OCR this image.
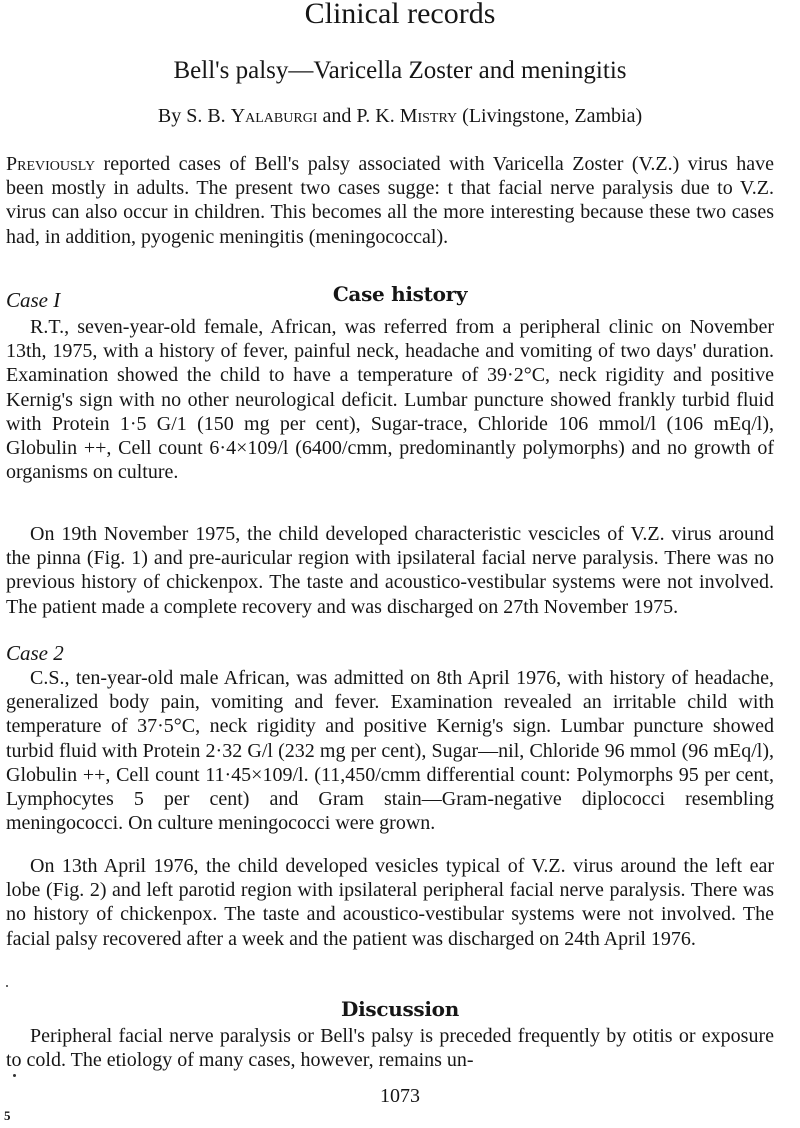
Clinical records
Bell's palsy—Varicella Zoster and meningitis

By S. B. Yalaburgi and P. K. Mistry (Livingstone, Zambia)

Previously reported cases of Bell's palsy associated with Varicella Zoster (V.Z.) virus have been mostly in adults. The present two cases sugge: t that facial nerve paralysis due to V.Z. virus can also occur in children. This becomes all the more interesting because these two cases had, in addition, pyogenic meningitis (meningococcal).

Case I	Case history

R.T., seven-year-old female, African, was referred from a peripheral clinic on November 13th, 1975, with a history of fever, painful neck, headache and vomiting of two days' duration. Examination showed the child to have a temperature of 39·2°C, neck rigidity and positive Kernig's sign with no other neurological deficit. Lumbar puncture showed frankly turbid fluid with Protein 1·5 G/1 (150 mg per cent), Sugar-trace, Chloride 106 mmol/l (106 mEq/l), Globulin ++, Cell count 6·4×109/l (6400/cmm, predominantly polymorphs) and no growth of organisms on culture.

On 19th November 1975, the child developed characteristic vescicles of V.Z. virus around the pinna (Fig. 1) and pre-auricular region with ipsilateral facial nerve paralysis. There was no previous history of chickenpox. The taste and acoustico-vestibular systems were not involved. The patient made a complete recovery and was discharged on 27th November 1975.

Case 2

C.S., ten-year-old male African, was admitted on 8th April 1976, with history of headache, generalized body pain, vomiting and fever. Examination revealed an irritable child with temperature of 37·5°C, neck rigidity and positive Kernig's sign. Lumbar puncture showed turbid fluid with Protein 2·32 G/l (232 mg per cent), Sugar—nil, Chloride 96 mmol (96 mEq/l), Globulin ++, Cell count 11·45×109/l. (11,450/cmm differential count: Polymorphs 95 per cent, Lymphocytes 5 per cent) and Gram stain—Gram-negative diplococci resembling meningococci. On culture meningococci were grown.

On 13th April 1976, the child developed vesicles typical of V.Z. virus around the left ear lobe (Fig. 2) and left parotid region with ipsilateral peripheral facial nerve paralysis. There was no history of chickenpox. The taste and acoustico-vestibular systems were not involved. The facial palsy recovered after a week and the patient was discharged on 24th April 1976.

Discussion

Peripheral facial nerve paralysis or Bell's palsy is preceded frequently by otitis or exposure to cold. The etiology of many cases, however, remains un-

1073
5
